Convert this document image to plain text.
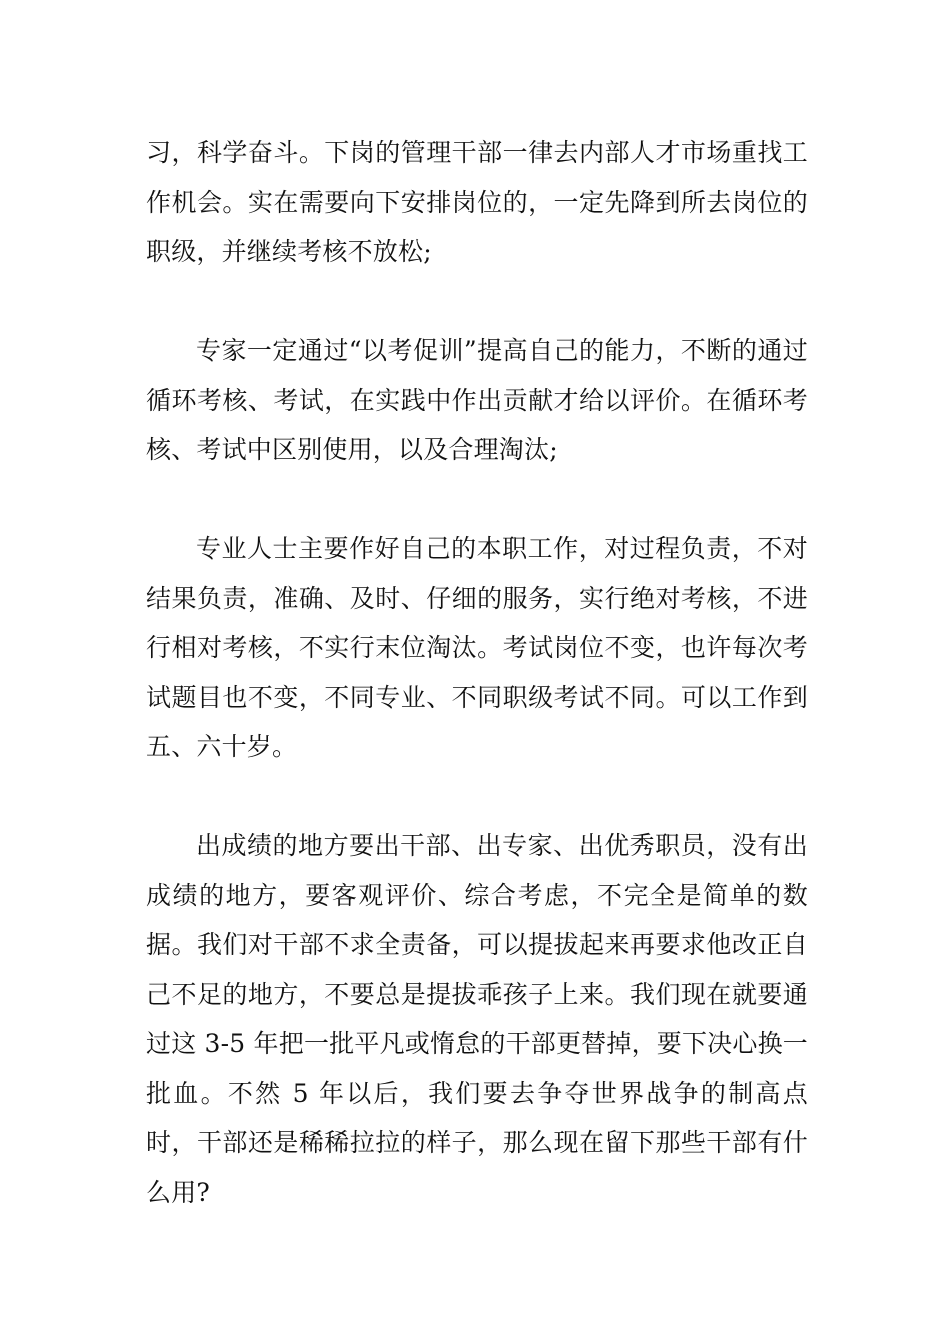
习，科学奋斗。下岗的管理干部一律去内部人才市场重找工作机会。实在需要向下安排岗位的，一定先降到所去岗位的职级，并继续考核不放松;

专家一定通过“以考促训”提高自己的能力，不断的通过循环考核、考试，在实践中作出贡献才给以评价。在循环考核、考试中区别使用，以及合理淘汰;

专业人士主要作好自己的本职工作，对过程负责，不对结果负责，准确、及时、仔细的服务，实行绝对考核，不进行相对考核，不实行末位淘汰。考试岗位不变，也许每次考试题目也不变，不同专业、不同职级考试不同。可以工作到五、六十岁。

出成绩的地方要出干部、出专家、出优秀职员，没有出成绩的地方，要客观评价、综合考虑，不完全是简单的数据。我们对干部不求全责备，可以提拔起来再要求他改正自己不足的地方，不要总是提拔乖孩子上来。我们现在就要通过这 3-5 年把一批平凡或惰怠的干部更替掉，要下决心换一批血。不然 5 年以后，我们要去争夺世界战争的制高点时，干部还是稀稀拉拉的样子，那么现在留下那些干部有什么用?
